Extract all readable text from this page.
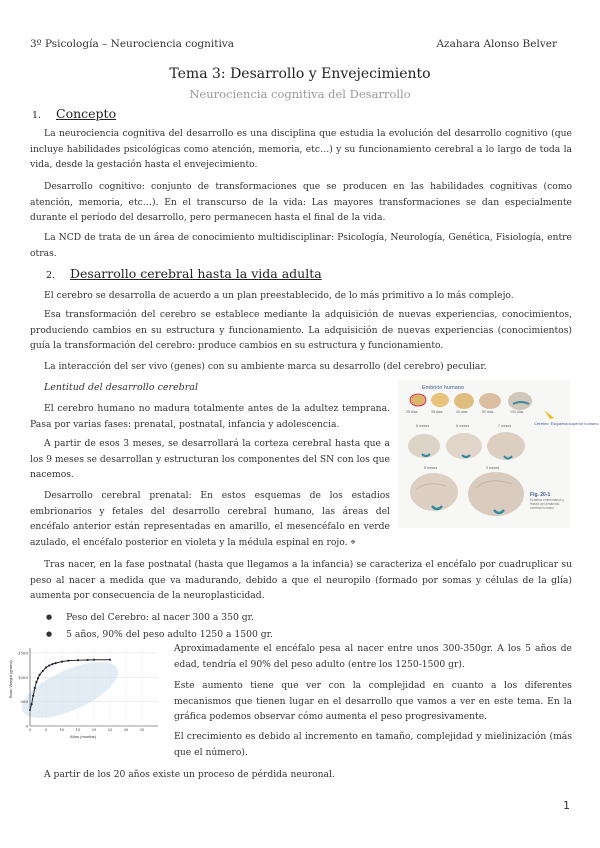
3º Psicología – Neurociencia cognitiva	Azahara Alonso Belver
Tema 3: Desarrollo y Envejecimiento
Neurociencia cognitiva del Desarrollo
1. Concepto

La neurociencia cognitiva del desarrollo es una disciplina que estudia la evolución del desarrollo cognitivo (que incluye habilidades psicológicas como atención, memoria, etc…) y su funcionamiento cerebral a lo largo de toda la vida, desde la gestación hasta el envejecimiento.

Desarrollo cognitivo: conjunto de transformaciones que se producen en las habilidades cognitivas (como atención, memoria, etc…). En el transcurso de la vida: Las mayores transformaciones se dan especialmente durante el período del desarrollo, pero permanecen hasta el final de la vida.

La NCD de trata de un área de conocimiento multidisciplinar: Psicología, Neurología, Genética, Fisiología, entre otras.

2. Desarrollo cerebral hasta la vida adulta

El cerebro se desarrolla de acuerdo a un plan preestablecido, de lo más primitivo a lo más complejo.

Esa transformación del cerebro se establece mediante la adquisición de nuevas experiencias, conocimientos, produciendo cambios en su estructura y funcionamiento. La adquisición de nuevas experiencias (conocimientos) guía la transformación del cerebro: produce cambios en su estructura y funcionamiento.

La interacción del ser vivo (genes) con su ambiente marca su desarrollo (del cerebro) peculiar.

Lentitud del desarrollo cerebral

El cerebro humano no madura totalmente antes de la adultez temprana. Pasa por varias fases: prenatal, postnatal, infancia y adolescencia.

A partir de esos 3 meses, se desarrollará la corteza cerebral hasta que a los 9 meses se desarrollan y estructuran los componentes del SN con los que nacemos.

Desarrollo cerebral prenatal: En estos esquemas de los estadios embrionarios y fetales del desarrollo cerebral humano, las áreas del encéfalo anterior están representadas en amarillo, el mesencéfalo en verde azulado, el encéfalo posterior en violeta y la médula espinal en rojo. ⌖

Embrión humano
25 días	35 días	40 días	50 días	100 días
Cerebro: Esquema superior humano
5 meses	6 meses	7 meses
8 meses	9 meses
Fig. 20-1
Estadios embrionarios y fetales del desarrollo cerebral humano

Tras nacer, en la fase postnatal (hasta que llegamos a la infancia) se caracteriza el encéfalo por cuadruplicar su peso al nacer a medida que va madurando, debido a que el neuropilo (formado por somas y células de la glía) aumenta por consecuencia de la neuroplasticidad.

● Peso del Cerebro: al nacer 300 a 350 gr.
● 5 años, 90% del peso adulto 1250 a 1500 gr.
0
500
1000
1500
0	5	10	15	20	25	30	35
Brain Weight (grams)
Años (months)

Aproximadamente el encéfalo pesa al nacer entre unos 300-350gr. A los 5 años de edad, tendría el 90% del peso adulto (entre los 1250-1500 gr).

Este aumento tiene que ver con la complejidad en cuanto a los diferentes mecanismos que tienen lugar en el desarrollo que vamos a ver en este tema. En la gráfica podemos observar cómo aumenta el peso progresivamente.

El crecimiento es debido al incremento en tamaño, complejidad y mielinización (más que el número).

A partir de los 20 años existe un proceso de pérdida neuronal.

1
